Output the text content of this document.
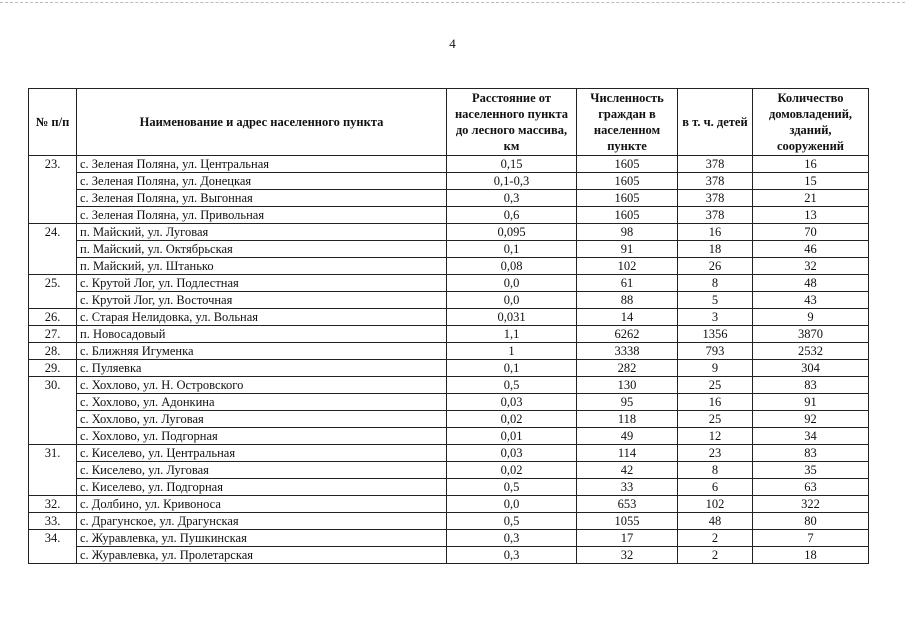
4
№ п/п	Наименование и адрес населенного пункта	Расстояние от населенного пункта до лесного массива, км	Численность граждан в населенном пункте	в т. ч. детей	Количество домовладений, зданий, сооружений
23.	с. Зеленая Поляна, ул. Центральная	0,15	1605	378	16
	с. Зеленая Поляна, ул. Донецкая	0,1-0,3	1605	378	15
	с. Зеленая Поляна, ул. Выгонная	0,3	1605	378	21
	с. Зеленая Поляна, ул. Привольная	0,6	1605	378	13
24.	п. Майский, ул. Луговая	0,095	98	16	70
	п. Майский, ул. Октябрьская	0,1	91	18	46
	п. Майский, ул. Штанько	0,08	102	26	32
25.	с. Крутой Лог, ул. Подлестная	0,0	61	8	48
	с. Крутой Лог, ул. Восточная	0,0	88	5	43
26.	с. Старая Нелидовка, ул. Вольная	0,031	14	3	9
27.	п. Новосадовый	1,1	6262	1356	3870
28.	с. Ближняя Игуменка	1	3338	793	2532
29.	с. Пуляевка	0,1	282	9	304
30.	с. Хохлово, ул. Н. Островского	0,5	130	25	83
	с. Хохлово, ул. Адонкина	0,03	95	16	91
	с. Хохлово, ул. Луговая	0,02	118	25	92
	с. Хохлово, ул. Подгорная	0,01	49	12	34
31.	с. Киселево, ул. Центральная	0,03	114	23	83
	с. Киселево, ул. Луговая	0,02	42	8	35
	с. Киселево, ул. Подгорная	0,5	33	6	63
32.	с. Долбино, ул. Кривоноса	0,0	653	102	322
33.	с. Драгунское, ул. Драгунская	0,5	1055	48	80
34.	с. Журавлевка, ул. Пушкинская	0,3	17	2	7
	с. Журавлевка, ул. Пролетарская	0,3	32	2	18
